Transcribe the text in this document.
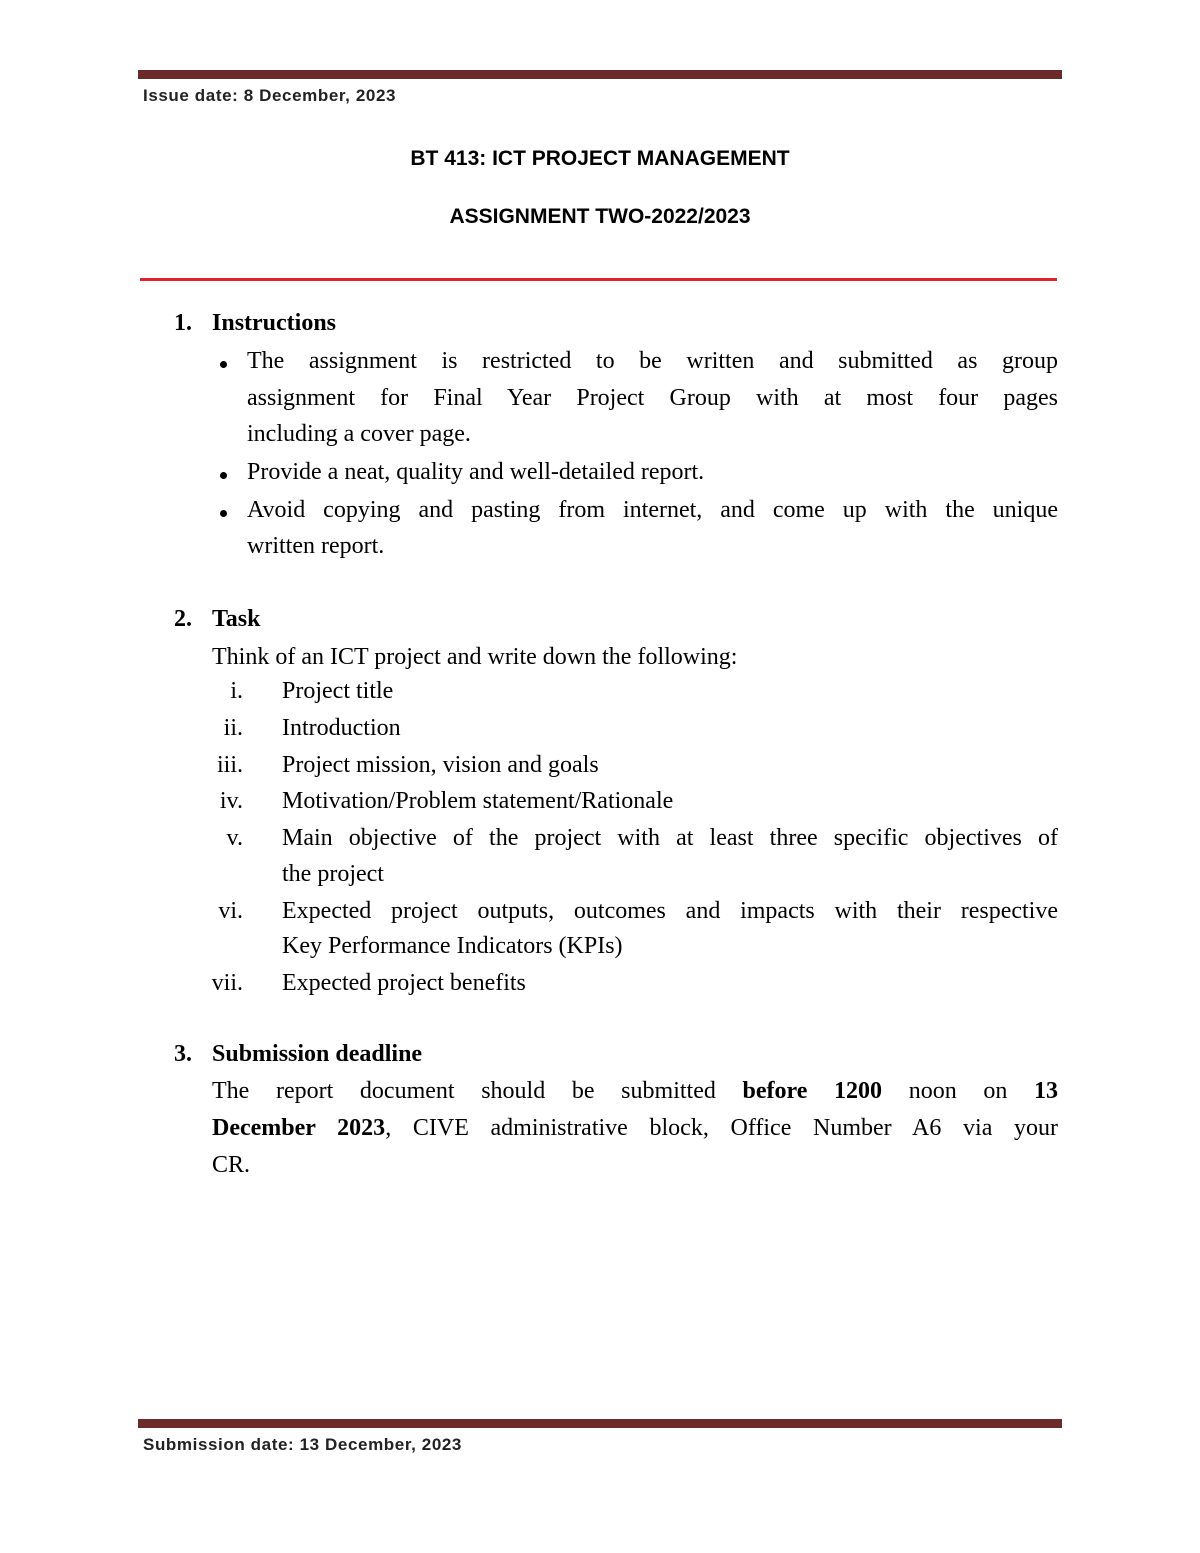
Issue date: 8 December, 2023
BT 413: ICT PROJECT MANAGEMENT
ASSIGNMENT TWO-2022/2023
1. Instructions
The assignment is restricted to be written and submitted as group
assignment for Final Year Project Group with at most four pages
including a cover page.
Provide a neat, quality and well-detailed report.
Avoid copying and pasting from internet, and come up with the unique
written report.
2. Task
Think of an ICT project and write down the following:
i. Project title
ii. Introduction
iii. Project mission, vision and goals
iv. Motivation/Problem statement/Rationale
v. Main objective of the project with at least three specific objectives of
the project
vi. Expected project outputs, outcomes and impacts with their respective
Key Performance Indicators (KPIs)
vii. Expected project benefits
3. Submission deadline
The report document should be submitted before 1200 noon on 13
December 2023, CIVE administrative block, Office Number A6 via your
CR.
Submission date: 13 December, 2023
